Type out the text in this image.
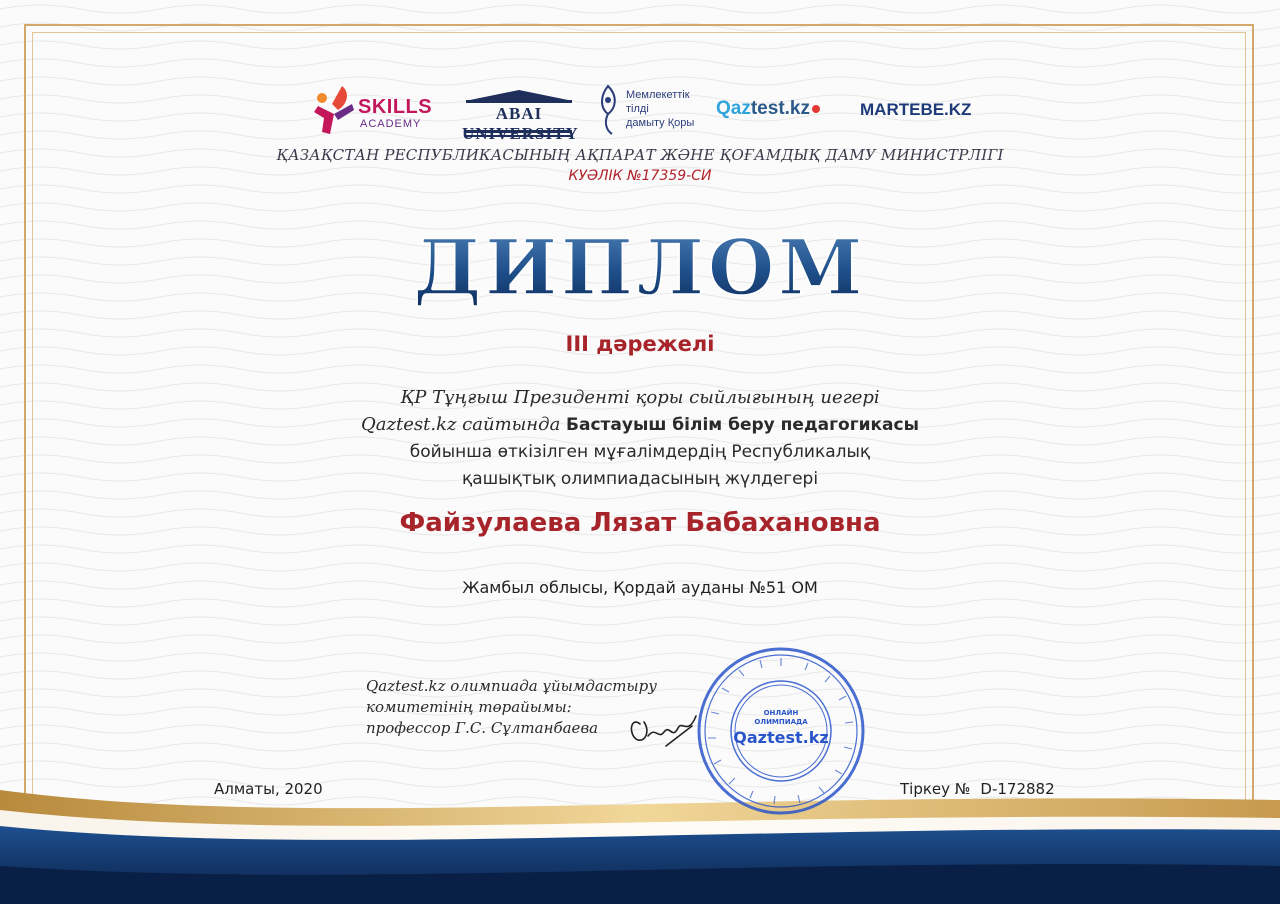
SKILLS
ACADEMY
ABAI UNIVERSITY
Мемлекеттік
тілді
дамыту Қоры
Qaztest.kz	MARTEBE.KZ
ҚАЗАҚСТАН РЕСПУБЛИКАСЫНЫҢ АҚПАРАТ ЖӘНЕ ҚОҒАМДЫҚ ДАМУ МИНИСТРЛІГІ
КУӘЛІК №17359-СИ
ДИПЛОМ
III дәрежелі
ҚР Тұңғыш Президенті қоры сыйлығының иегері
Qaztest.kz сайтында Бастауыш білім беру педагогикасы
бойынша өткізілген мұғалімдердің Республикалық
қашықтық олимпиадасының жүлдегері
Файзулаева Лязат Бабахановна
Жамбыл облысы, Қордай ауданы №51 ОМ
Qaztest.kz олимпиада ұйымдастыру
комитетінің төрайымы:
профессор Г.С. Сұлтанбаева
ОНЛАЙН
ОЛИМПИАДА
Qaztest.kz
Алматы, 2020	Тіркеу № D-172882
